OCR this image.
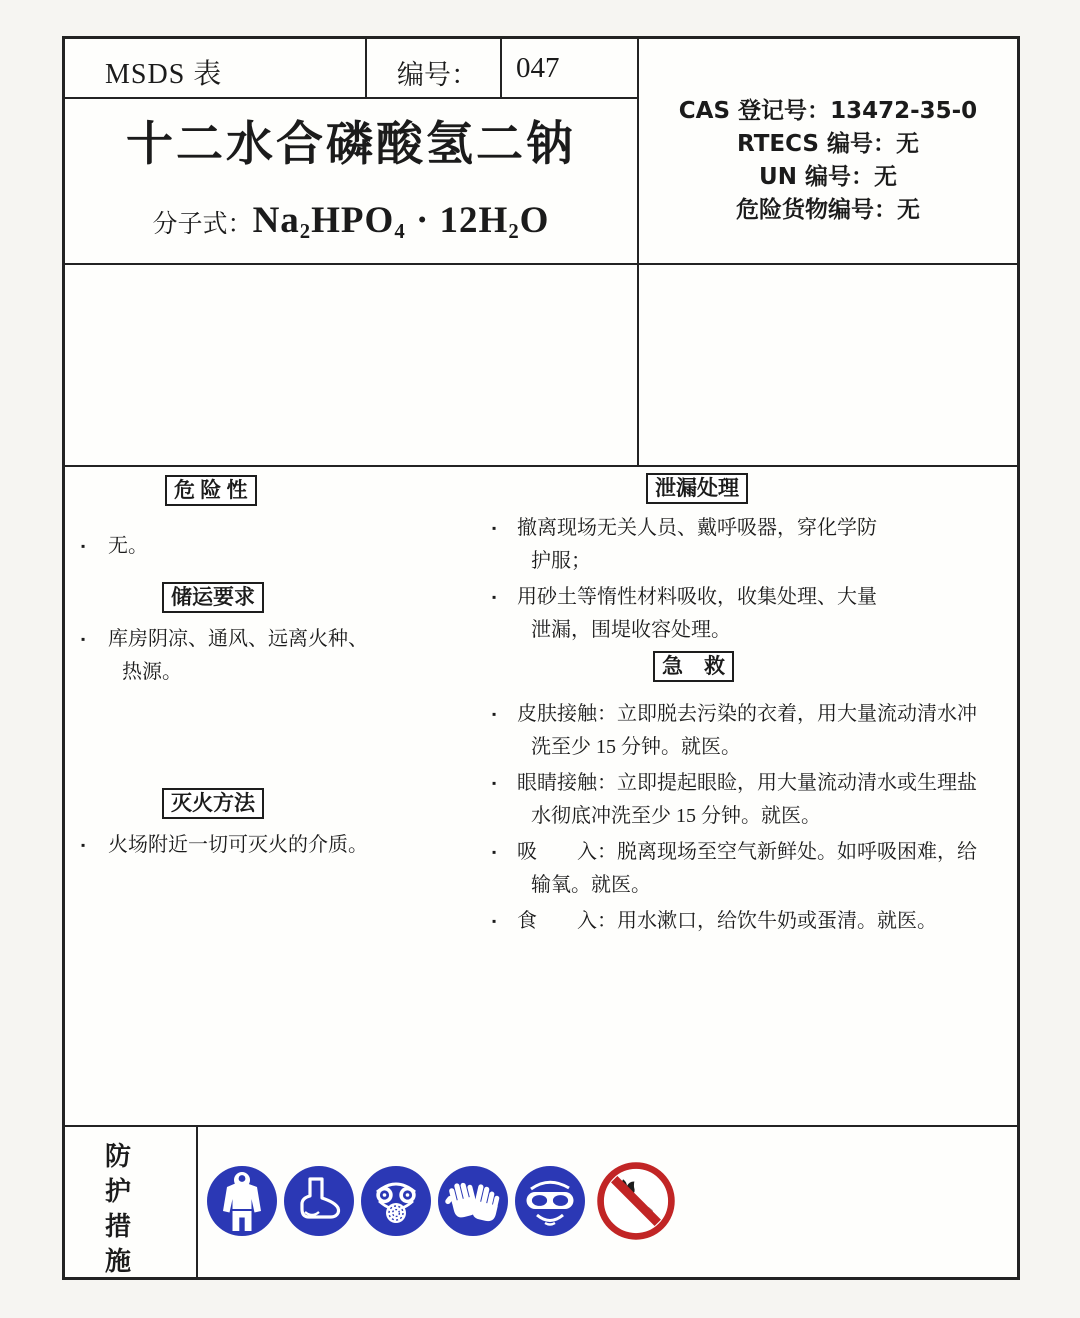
MSDS 表	编号：	047
CAS 登记号：13472-35-0
RTECS 编号：无
UN 编号：无
危险货物编号：无
十二水合磷酸氢二钠
分子式：Na2HPO4 · 12H2O
危 险 性
▪ 无。
储运要求
▪ 库房阴凉、通风、远离火种、热源。
灭火方法
▪ 火场附近一切可灭火的介质。
泄漏处理
▪ 撤离现场无关人员、戴呼吸器，穿化学防护服；
▪ 用砂土等惰性材料吸收，收集处理、大量泄漏，围堤收容处理。
急　救
▪ 皮肤接触：立即脱去污染的衣着，用大量流动清水冲洗至少 15 分钟。就医。
▪ 眼睛接触：立即提起眼睑，用大量流动清水或生理盐水彻底冲洗至少 15 分钟。就医。
▪ 吸　　入：脱离现场至空气新鲜处。如呼吸困难，给输氧。就医。
▪ 食　　入：用水漱口，给饮牛奶或蛋清。就医。
防护措施
